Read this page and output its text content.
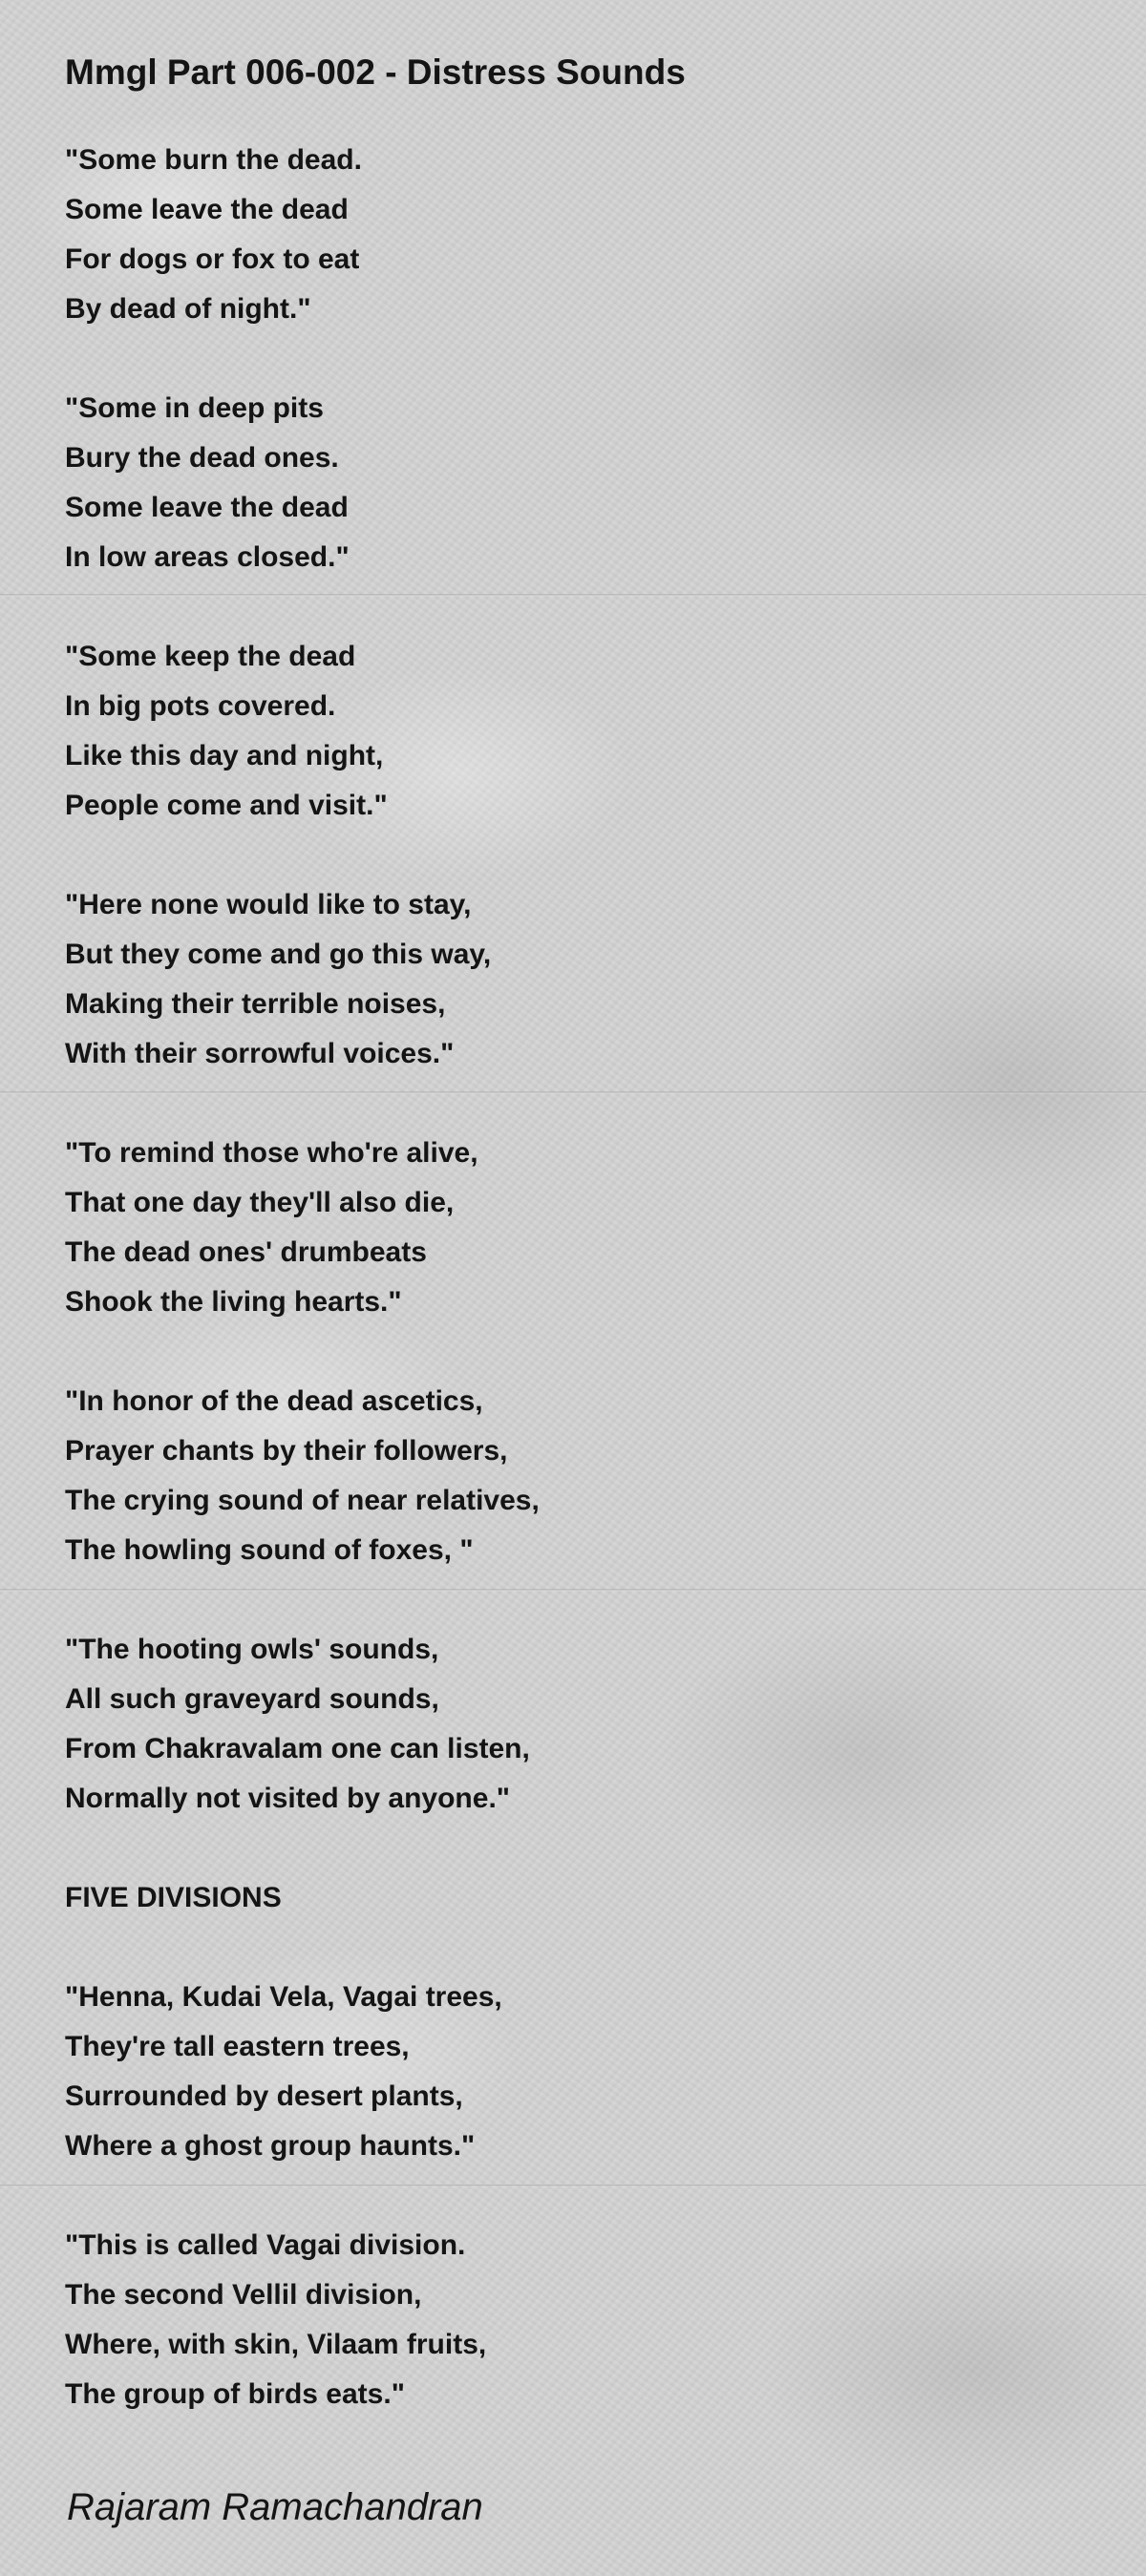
Mmgl Part 006-002 - Distress Sounds
"Some burn the dead.
Some leave the dead
For dogs or fox to eat
By dead of night."
"Some in deep pits
Bury the dead ones.
Some leave the dead
In low areas closed."
"Some keep the dead
In big pots covered.
Like this day and night,
People come and visit."
"Here none would like to stay,
But they come and go this way,
Making their terrible noises,
With their sorrowful voices."
"To remind those who're alive,
That one day they'll also die,
The dead ones' drumbeats
Shook the living hearts."
"In honor of the dead ascetics,
Prayer chants by their followers,
The crying sound of near relatives,
The howling sound of foxes, "
"The hooting owls' sounds,
All such graveyard sounds,
From Chakravalam one can listen,
Normally not visited by anyone."
FIVE DIVISIONS
"Henna, Kudai Vela, Vagai trees,
They're tall eastern trees,
Surrounded by desert plants,
Where a ghost group haunts."
"This is called Vagai division.
The second Vellil division,
Where, with skin, Vilaam fruits,
The group of birds eats."
Rajaram Ramachandran
